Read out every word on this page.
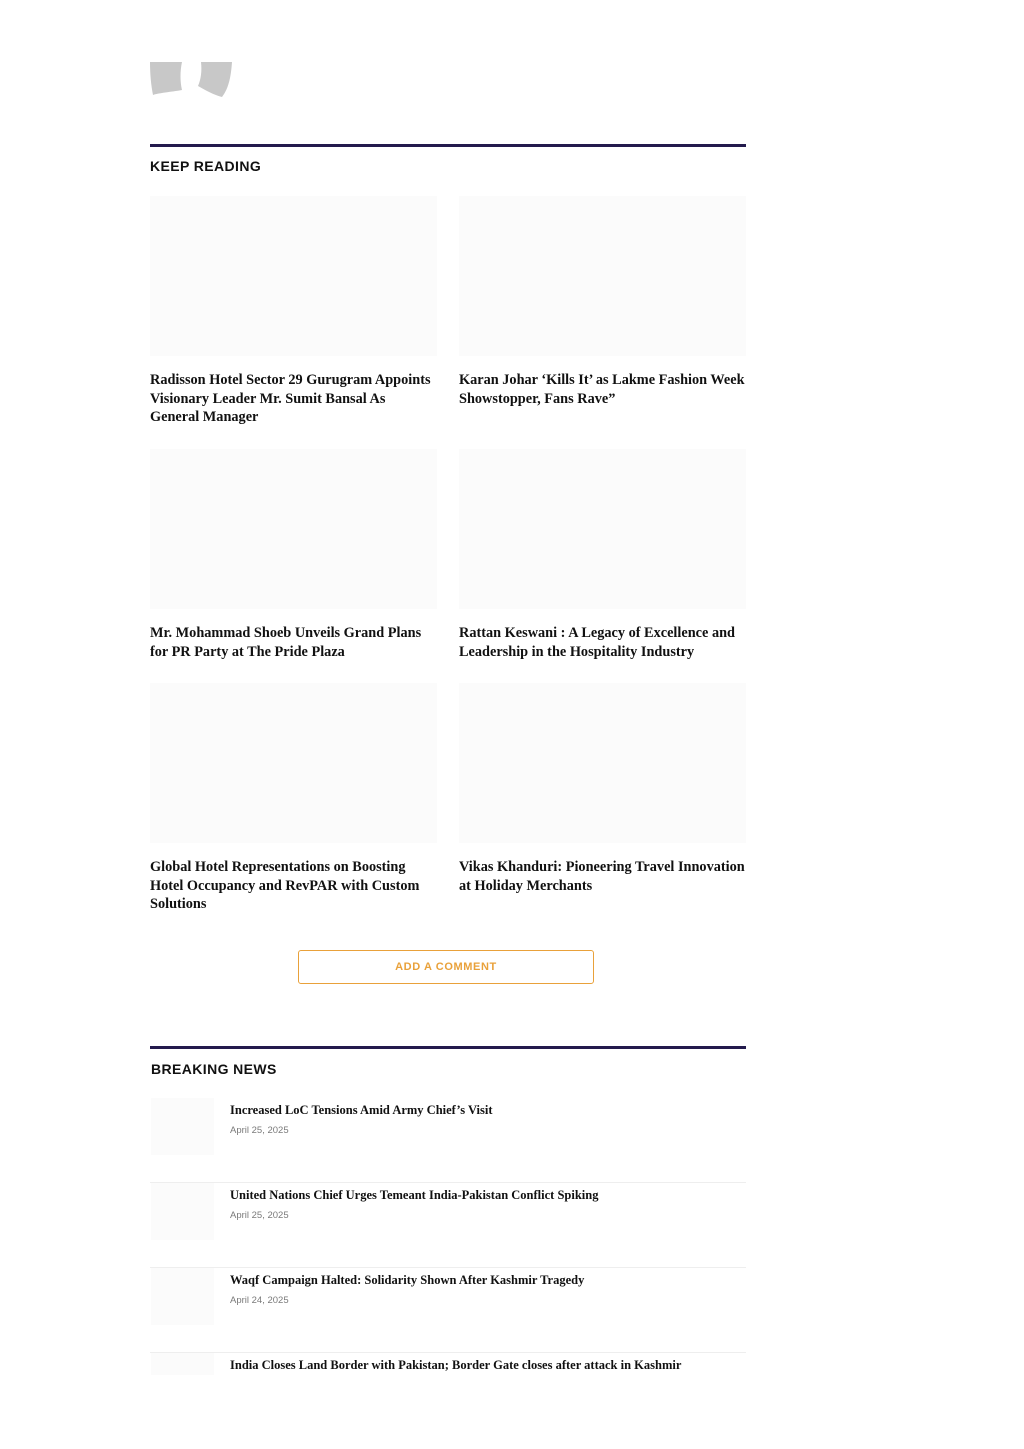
KEEP READING
Radisson Hotel Sector 29 Gurugram Appoints Visionary Leader Mr. Sumit Bansal As General Manager
Karan Johar ‘Kills It’ as Lakme Fashion Week Showstopper, Fans Rave”
Mr. Mohammad Shoeb Unveils Grand Plans for PR Party at The Pride Plaza
Rattan Keswani : A Legacy of Excellence and Leadership in the Hospitality Industry
Global Hotel Representations on Boosting Hotel Occupancy and RevPAR with Custom Solutions
Vikas Khanduri: Pioneering Travel Innovation at Holiday Merchants
ADD A COMMENT
BREAKING NEWS
Increased LoC Tensions Amid Army Chief’s Visit
April 25, 2025
United Nations Chief Urges Temeant India-Pakistan Conflict Spiking
April 25, 2025
Waqf Campaign Halted: Solidarity Shown After Kashmir Tragedy
April 24, 2025
India Closes Land Border with Pakistan; Border Gate closes after attack in Kashmir
